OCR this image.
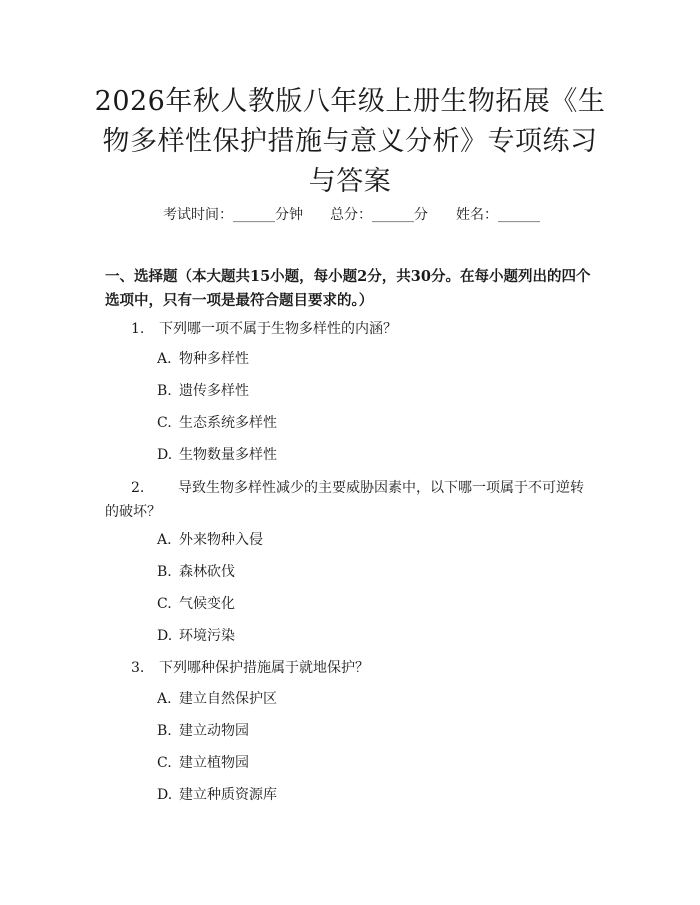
2026年秋人教版八年级上册生物拓展《生物多样性保护措施与意义分析》专项练习与答案
考试时间：______分钟 总分：______分 姓名：______
一、选择题（本大题共15小题，每小题2分，共30分。在每小题列出的四个选项中，只有一项是最符合题目要求的。）
1. 下列哪一项不属于生物多样性的内涵？
A. 物种多样性
B. 遗传多样性
C. 生态系统多样性
D. 生物数量多样性
2. 导致生物多样性减少的主要威胁因素中，以下哪一项属于不可逆转的破坏？
A. 外来物种入侵
B. 森林砍伐
C. 气候变化
D. 环境污染
3. 下列哪种保护措施属于就地保护？
A. 建立自然保护区
B. 建立动物园
C. 建立植物园
D. 建立种质资源库
